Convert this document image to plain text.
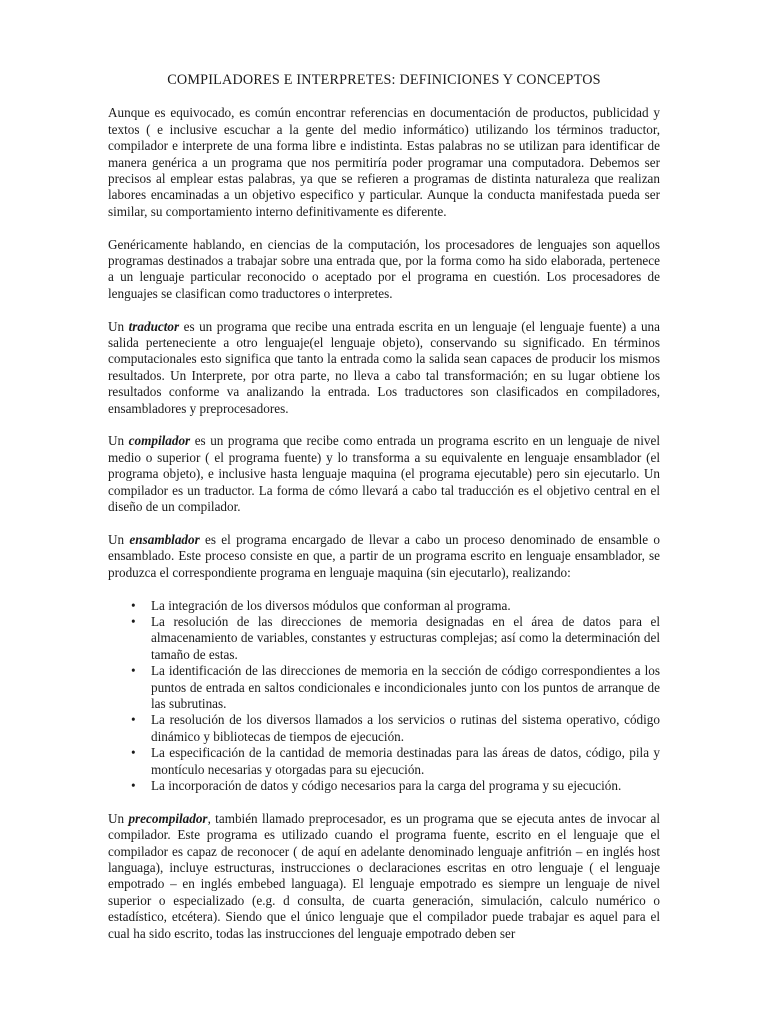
COMPILADORES E INTERPRETES: DEFINICIONES Y CONCEPTOS

Aunque es equivocado, es común encontrar referencias en documentación de productos, publicidad y textos ( e inclusive escuchar a la gente del medio informático) utilizando los términos traductor, compilador e interprete de una forma libre e indistinta. Estas palabras no se utilizan para identificar de manera genérica a un programa que nos permitiría poder programar una computadora. Debemos ser precisos al emplear estas palabras, ya que se refieren a programas de distinta naturaleza que realizan labores encaminadas a un objetivo especifico y particular. Aunque la conducta manifestada pueda ser similar, su comportamiento interno definitivamente es diferente.

Genéricamente hablando, en ciencias de la computación, los procesadores de lenguajes son aquellos programas destinados a trabajar sobre una entrada que, por la forma como ha sido elaborada, pertenece a un lenguaje particular reconocido o aceptado por el programa en cuestión. Los procesadores de lenguajes se clasifican como traductores o interpretes.

Un traductor es un programa que recibe una entrada escrita en un lenguaje (el lenguaje fuente) a una salida perteneciente a otro lenguaje(el lenguaje objeto), conservando su significado. En términos computacionales esto significa que tanto la entrada como la salida sean capaces de producir los mismos resultados. Un Interprete, por otra parte, no lleva a cabo tal transformación; en su lugar obtiene los resultados conforme va analizando la entrada. Los traductores son clasificados en compiladores, ensambladores y preprocesadores.

Un compilador es un programa que recibe como entrada un programa escrito en un lenguaje de nivel medio o superior ( el programa fuente) y lo transforma a su equivalente en lenguaje ensamblador (el programa objeto), e inclusive hasta lenguaje maquina (el programa ejecutable) pero sin ejecutarlo. Un compilador es un traductor. La forma de cómo llevará a cabo tal traducción es el objetivo central en el diseño de un compilador.

Un ensamblador es el programa encargado de llevar a cabo un proceso denominado de ensamble o ensamblado. Este proceso consiste en que, a partir de un programa escrito en lenguaje ensamblador, se produzca el correspondiente programa en lenguaje maquina (sin ejecutarlo), realizando:

• La integración de los diversos módulos que conforman al programa.
• La resolución de las direcciones de memoria designadas en el área de datos para el almacenamiento de variables, constantes y estructuras complejas; así como la determinación del tamaño de estas.
• La identificación de las direcciones de memoria en la sección de código correspondientes a los puntos de entrada en saltos condicionales e incondicionales junto con los puntos de arranque de las subrutinas.
• La resolución de los diversos llamados a los servicios o rutinas del sistema operativo, código dinámico y bibliotecas de tiempos de ejecución.
• La especificación de la cantidad de memoria destinadas para las áreas de datos, código, pila y montículo necesarias y otorgadas para su ejecución.
• La incorporación de datos y código necesarios para la carga del programa y su ejecución.

Un precompilador, también llamado preprocesador, es un programa que se ejecuta antes de invocar al compilador. Este programa es utilizado cuando el programa fuente, escrito en el lenguaje que el compilador es capaz de reconocer ( de aquí en adelante denominado lenguaje anfitrión – en inglés host languaga), incluye estructuras, instrucciones o declaraciones escritas en otro lenguaje ( el lenguaje empotrado – en inglés embebed languaga). El lenguaje empotrado es siempre un lenguaje de nivel superior o especializado (e.g. d consulta, de cuarta generación, simulación, calculo numérico o estadístico, etcétera). Siendo que el único lenguaje que el compilador puede trabajar es aquel para el cual ha sido escrito, todas las instrucciones del lenguaje empotrado deben ser
